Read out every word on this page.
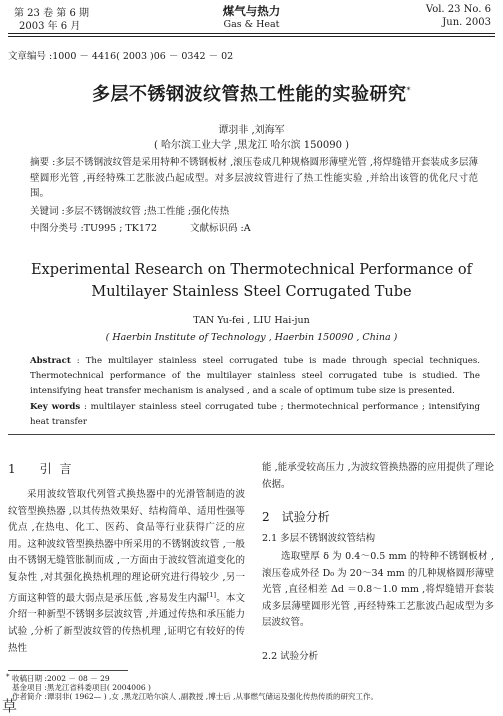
第 23 卷 第 6 期
2003 年 6 月
煤气与热力
Gas & Heat
Vol. 23 No. 6
Jun. 2003
文章编号 :1000 － 4416( 2003 )06 － 0342 － 02
多层不锈钢波纹管热工性能的实验研究*
谭羽非 ,刘海军
( 哈尔滨工业大学 ,黑龙江 哈尔滨 150090 )
摘要 :多层不锈钢波纹管是采用特种不锈钢板材 ,滚压卷成几种规格圆形薄壁光管 ,将焊缝错开套装成多层薄壁圆形光管 ,再经特殊工艺胀波凸起成型。对多层波纹管进行了热工性能实验 ,并给出该管的优化尺寸范围。
关键词 :多层不锈钢波纹管 ;热工性能 ;强化传热
中图分类号 :TU995 ; TK172	文献标识码 :A
Experimental Research on Thermotechnical Performance of
Multilayer Stainless Steel Corrugated Tube
TAN Yu-fei , LIU Hai-jun
( Haerbin Institute of Technology , Haerbin 150090 , China )
Abstract : The multilayer stainless steel corrugated tube is made through special techniques. Thermotechnical performance of the multilayer stainless steel corrugated tube is studied. The intensifying heat transfer mechanism is analysed , and a scale of optimum tube size is presented.
Key words : multilayer stainless steel corrugated tube ; thermotechnical performance ; intensifying heat transfer
1 引 言
采用波纹管取代列管式换热器中的光滑管制造的波纹管型换热器 ,以其传热效果好、结构简单、适用性强等优点 ,在热电、化工、医药、食品等行业获得广泛的应用。这种波纹管型换热器中所采用的不锈钢波纹管 ,一般由不锈钢无缝管胀制而成 ,一方面由于波纹管流道变化的复杂性 ,对其强化换热机理的理论研究进行得较少 ,另一方面这种管的最大弱点是承压低 ,容易发生内漏[1]。本文介绍一种新型不锈钢多层波纹管 ,并通过传热和承压能力试验 ,分析了新型波纹管的传热机理 ,证明它有较好的传热性
能 ,能承受较高压力 ,为波纹管换热器的应用提供了理论依据。
2 试验分析
2.1 多层不锈钢波纹管结构
选取壁厚 δ 为 0.4～0.5 mm 的特种不锈钢板材 ,滚压卷成外径 D₀ 为 20～34 mm 的几种规格圆形薄壁光管 ,直径相差 Δd ＝0.8～1.0 mm ,将焊缝错开套装成多层薄壁圆形光管 ,再经特殊工艺胀波凸起成型为多层波纹管。
2.2 试验分析
* 收稿日期 :2002 － 08 － 29
基金项目 :黑龙江省科委项目( 2004006 )
作者简介 :谭羽非( 1962— ) ,女 ,黑龙江哈尔滨人 ,副教授 ,博士后 ,从事燃气储运及强化传热传质的研究工作。
草
